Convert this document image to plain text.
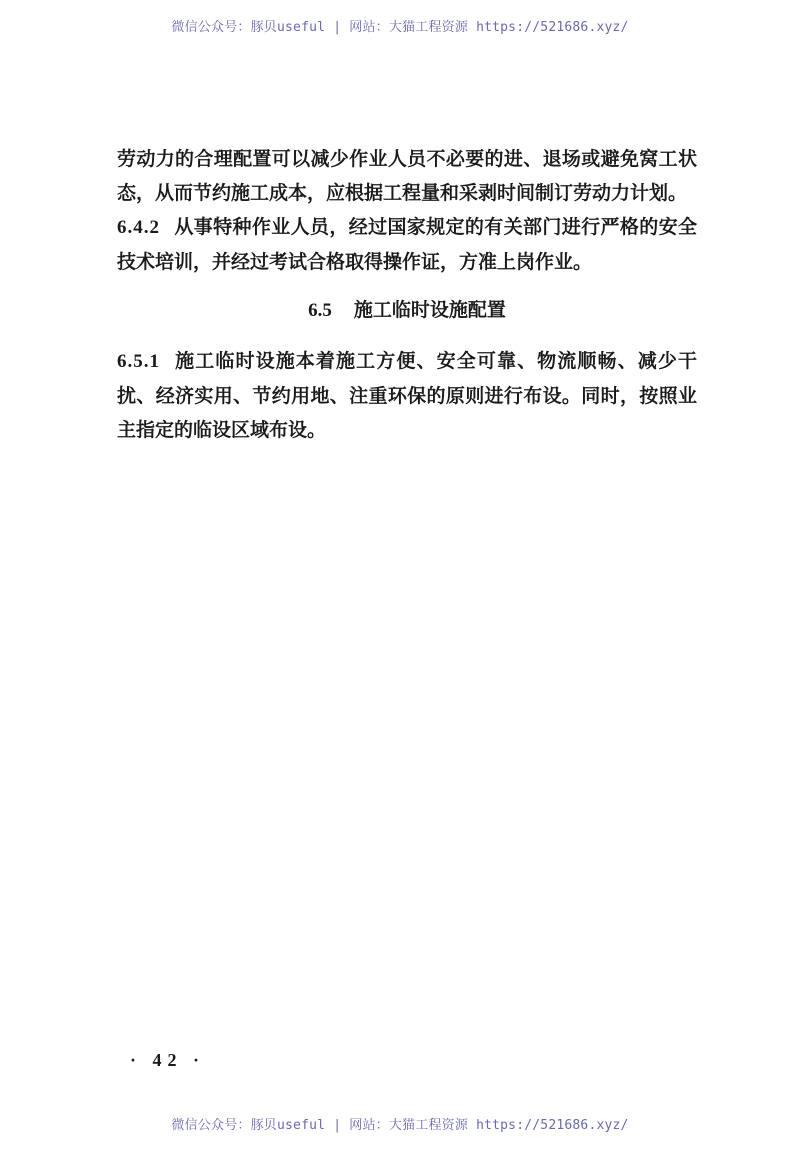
微信公众号：豚贝useful | 网站：大猫工程资源 https://521686.xyz/

劳动力的合理配置可以减少作业人员不必要的进、退场或避免窝工状态，从而节约施工成本，应根据工程量和采剥时间制订劳动力计划。

6.4.2 从事特种作业人员，经过国家规定的有关部门进行严格的安全技术培训，并经过考试合格取得操作证，方准上岗作业。

6.5 施工临时设施配置

6.5.1 施工临时设施本着施工方便、安全可靠、物流顺畅、减少干扰、经济实用、节约用地、注重环保的原则进行布设。同时，按照业主指定的临设区域布设。

· 42 ·
微信公众号：豚贝useful | 网站：大猫工程资源 https://521686.xyz/
